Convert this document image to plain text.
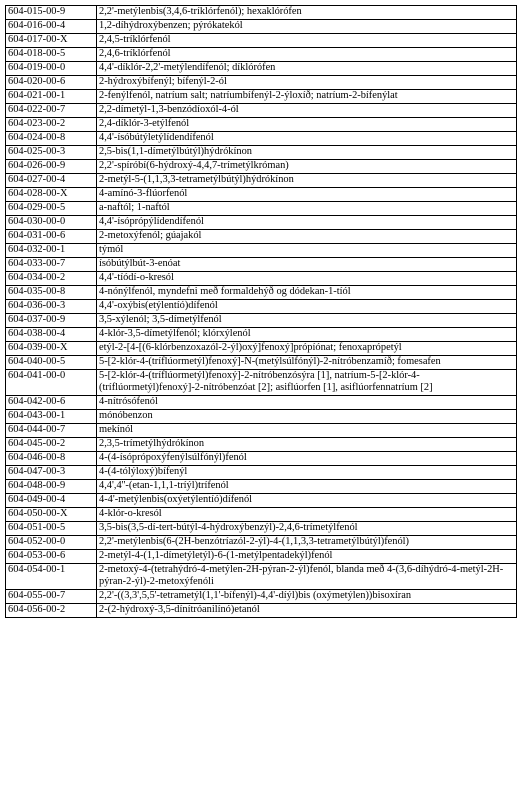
604-015-00-9	2,2'-metýlenbis(3,4,6-tríklórfenól); hexaklórófen
604-016-00-4	1,2-díhýdroxýbenzen; pýrókatekól
604-017-00-X	2,4,5-tríklórfenól
604-018-00-5	2,4,6-tríklórfenól
604-019-00-0	4,4'-díklór-2,2'-metýlendífenól; díklórófen
604-020-00-6	2-hýdroxýbífenýl; bífenýl-2-ól
604-021-00-1	2-fenýlfenól, natríum salt; natríumbífenýl-2-ýloxíð; natríum-2-bífenýlat
604-022-00-7	2,2-dímetýl-1,3-benzódíoxól-4-ól
604-023-00-2	2,4-díklór-3-etýlfenól
604-024-00-8	4,4'-ísóbútýletýlídendífenól
604-025-00-3	2,5-bis(1,1-dímetýlbútýl)hýdrókínon
604-026-00-9	2,2'-spíróbí(6-hýdroxý-4,4,7-trímetýlkróman)
604-027-00-4	2-metýl-5-(1,1,3,3-tetrametýlbútýl)hýdrókínon
604-028-00-X	4-amínó-3-flúorfenól
604-029-00-5	a-naftól; 1-naftól
604-030-00-0	4,4'-ísóprópýlídendífenól
604-031-00-6	2-metoxýfenól; gúajakól
604-032-00-1	týmól
604-033-00-7	ísóbútýlbút-3-enóat
604-034-00-2	4,4'-tíódí-o-kresól
604-035-00-8	4-nónýlfenól, myndefni með formaldehýð og dódekan-1-tíól
604-036-00-3	4,4'-oxýbis(etýlentíó)dífenól
604-037-00-9	3,5-xýlenól; 3,5-dímetýlfenól
604-038-00-4	4-klór-3,5-dímetýlfenól; klórxýlenól
604-039-00-X	etýl-2-[4-[(6-klórbenzoxazól-2-ýl)oxý]fenoxý]própíónat; fenoxaprópetýl
604-040-00-5	5-[2-klór-4-(tríflúormetýl)fenoxý]-N-(metýlsúlfónýl)-2-nítróbenzamíð; fomesafen
604-041-00-0	5-[2-klór-4-(tríflúormetýl)fenoxý]-2-nítróbenzósýra [1], natríum-5-[2-klór-4-(tríflúormetýl)fenoxý]-2-nítróbenzóat [2]; asiflúorfen [1], asiflúorfennatríum [2]
604-042-00-6	4-nítrósófenól
604-043-00-1	mónóbenzon
604-044-00-7	mekínól
604-045-00-2	2,3,5-trímetýlhýdrókínon
604-046-00-8	4-(4-ísóprópoxýfenýlsúlfónýl)fenól
604-047-00-3	4-(4-tólýloxý)bífenýl
604-048-00-9	4,4',4''-(etan-1,1,1-tríýl)trífenól
604-049-00-4	4-4'-metýlenbis(oxýetýlentíó)dífenól
604-050-00-X	4-klór-o-kresól
604-051-00-5	3,5-bis(3,5-dí-tert-bútýl-4-hýdroxýbenzýl)-2,4,6-trímetýlfenól
604-052-00-0	2,2'-metýlenbis(6-(2H-benzótríazól-2-ýl)-4-(1,1,3,3-tetrametýlbútýl)fenól)
604-053-00-6	2-metýl-4-(1,1-dímetýletýl)-6-(1-metýlpentadekýl)fenól
604-054-00-1	2-metoxý-4-(tetrahýdró-4-metýlen-2H-pýran-2-ýl)fenól, blanda með 4-(3,6-díhýdró-4-metýl-2H-pýran-2-ýl)-2-metoxýfenóli
604-055-00-7	2,2'-((3,3',5,5'-tetrametýl(1,1'-bífenýl)-4,4'-díýl)bis (oxýmetýlen))bisoxíran
604-056-00-2	2-(2-hýdroxý-3,5-dínítróanilínó)etanól
